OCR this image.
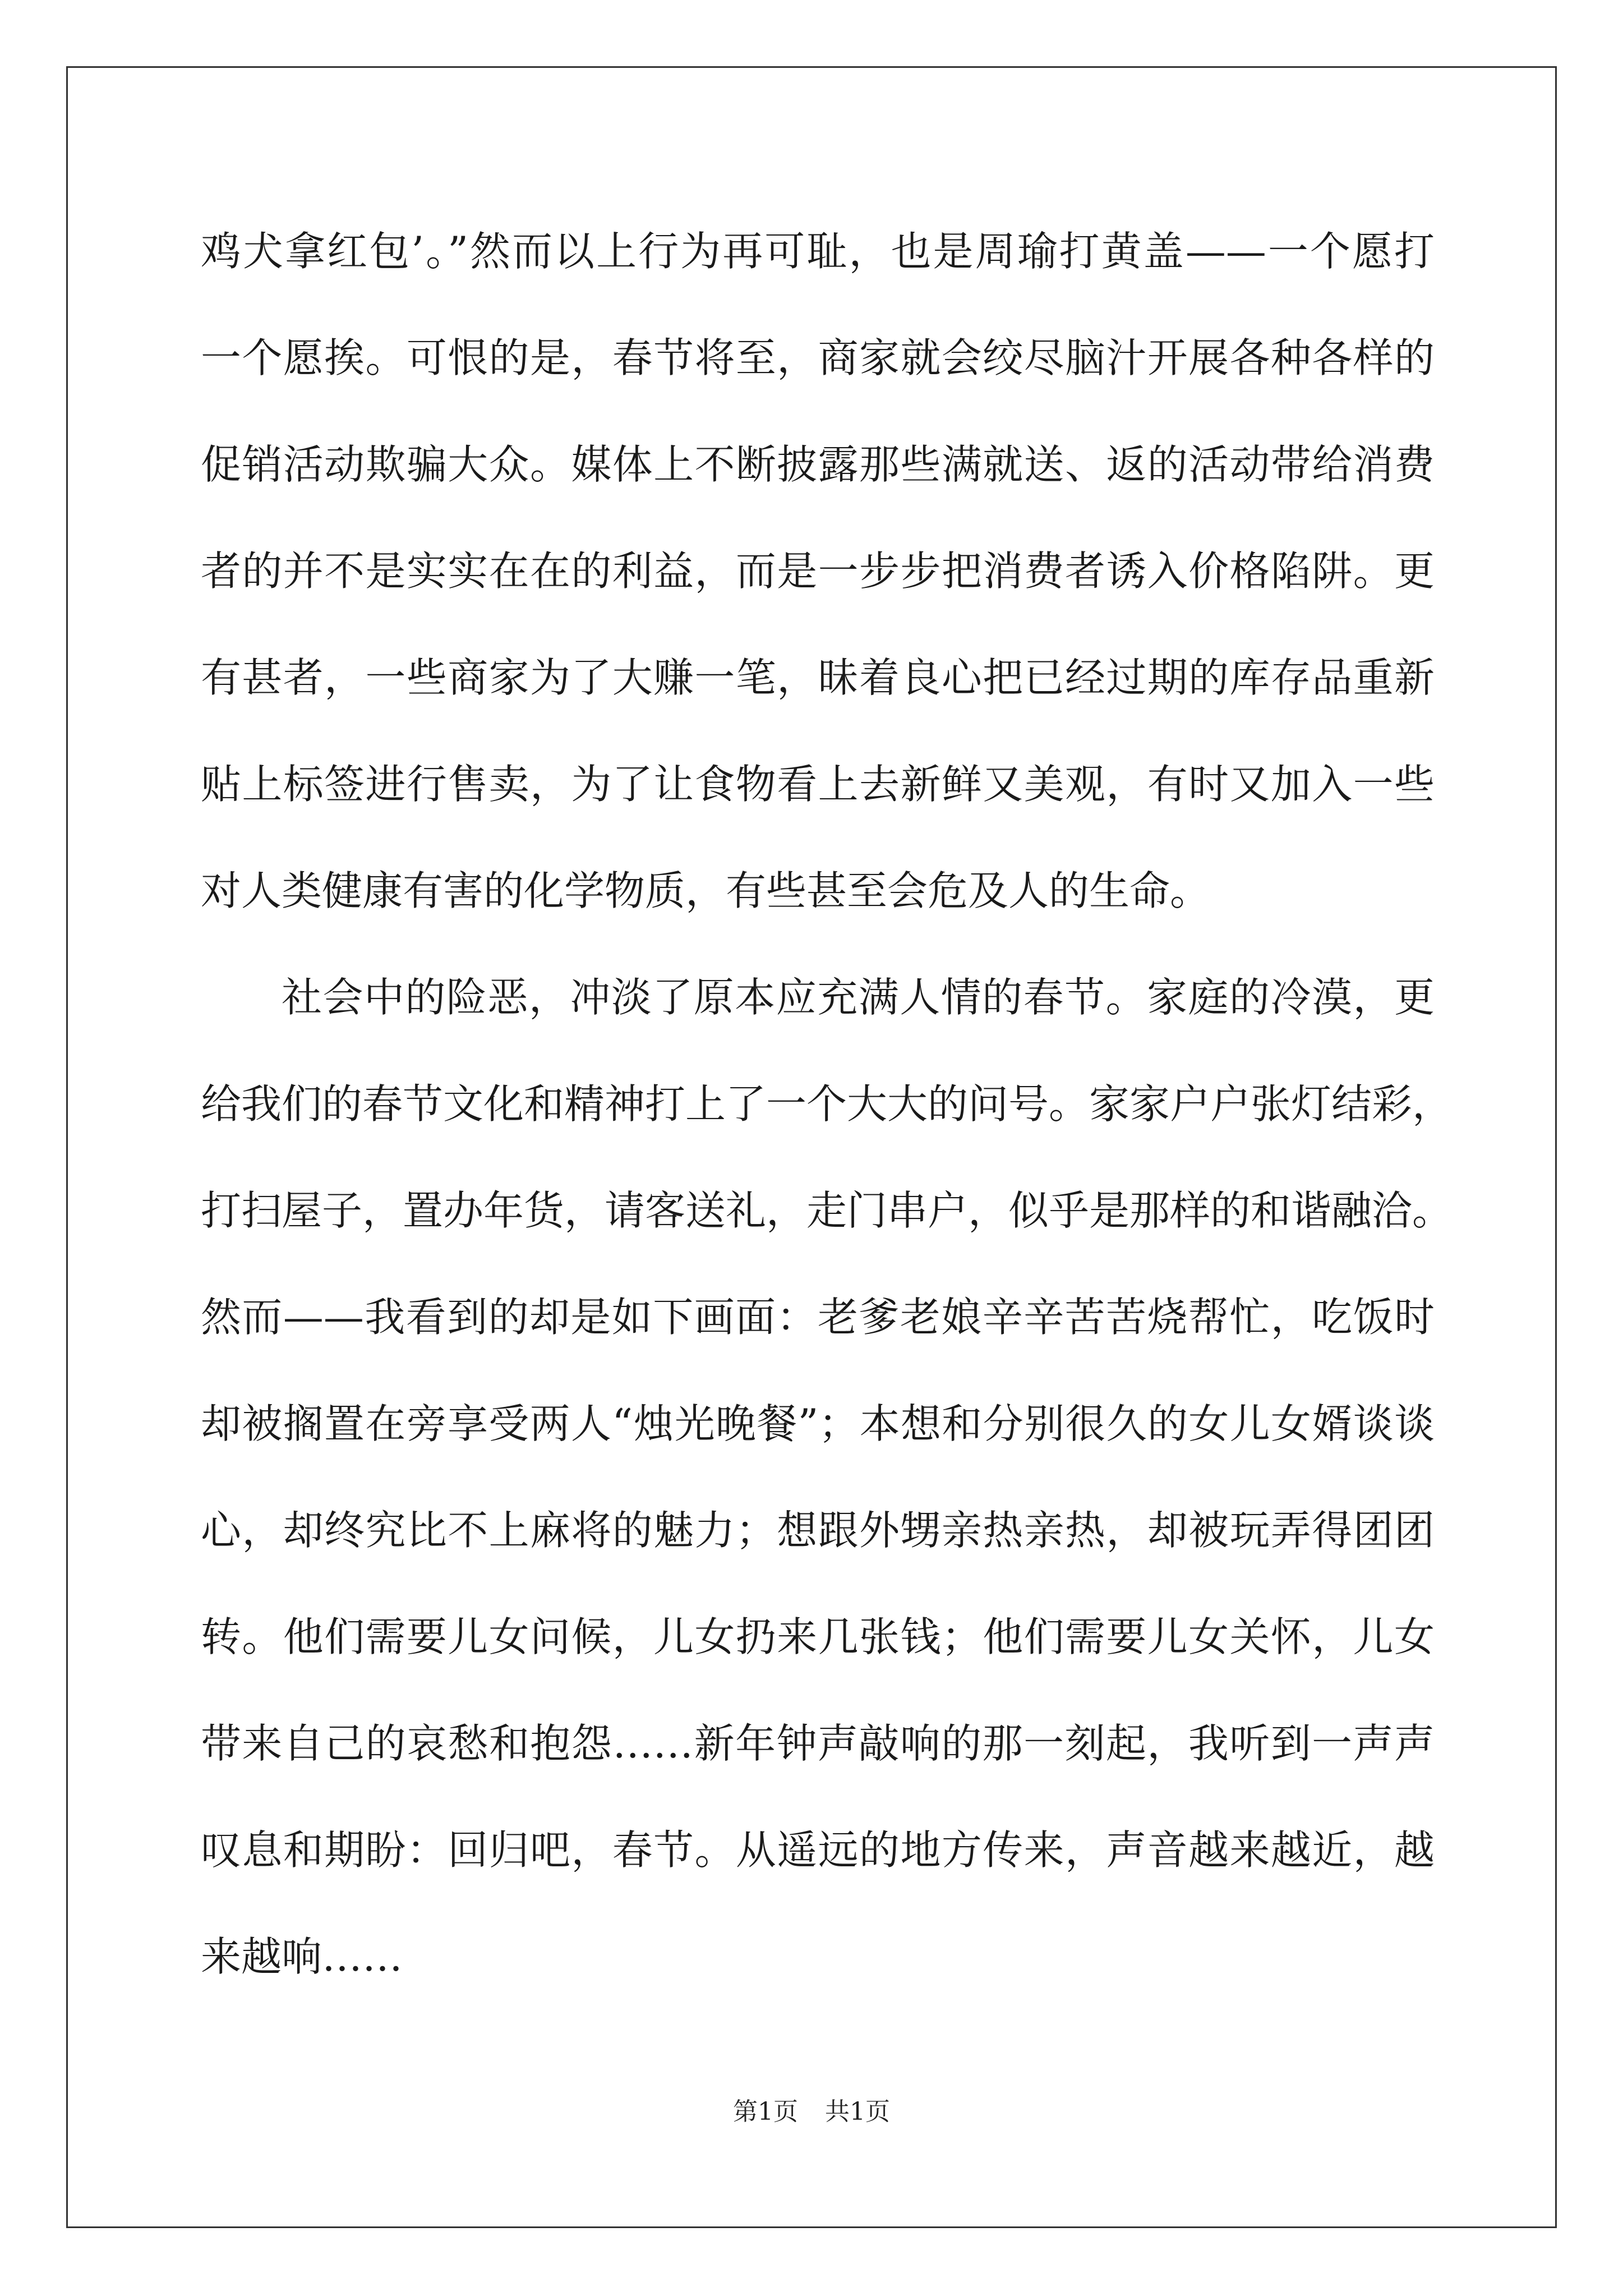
鸡犬拿红包’。”然而以上行为再可耻，也是周瑜打黄盖——一个愿打
一个愿挨。可恨的是，春节将至，商家就会绞尽脑汁开展各种各样的
促销活动欺骗大众。媒体上不断披露那些满就送、返的活动带给消费
者的并不是实实在在的利益，而是一步步把消费者诱入价格陷阱。更
有甚者，一些商家为了大赚一笔，昧着良心把已经过期的库存品重新
贴上标签进行售卖，为了让食物看上去新鲜又美观，有时又加入一些
对人类健康有害的化学物质，有些甚至会危及人的生命。
社会中的险恶，冲淡了原本应充满人情的春节。家庭的冷漠，更
给我们的春节文化和精神打上了一个大大的问号。家家户户张灯结彩，
打扫屋子，置办年货，请客送礼，走门串户，似乎是那样的和谐融洽。
然而——我看到的却是如下画面：老爹老娘辛辛苦苦烧帮忙，吃饭时
却被搁置在旁享受两人“烛光晚餐”；本想和分别很久的女儿女婿谈谈
心，却终究比不上麻将的魅力；想跟外甥亲热亲热，却被玩弄得团团
转。他们需要儿女问候，儿女扔来几张钱；他们需要儿女关怀，儿女
带来自己的哀愁和抱怨……新年钟声敲响的那一刻起，我听到一声声
叹息和期盼：回归吧，春节。从遥远的地方传来，声音越来越近，越
来越响……
第1页 共1页
